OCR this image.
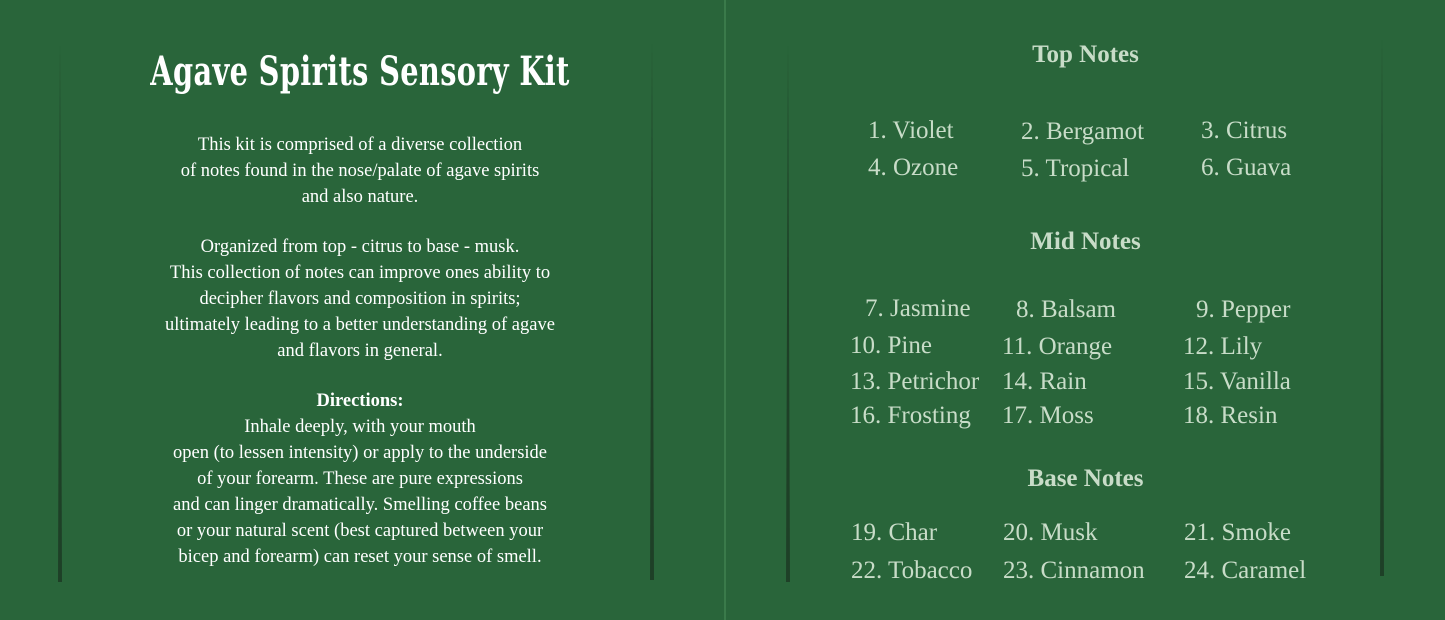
Agave Spirits Sensory Kit
This kit is comprised of a diverse collection
of notes found in the nose/palate of agave spirits
and also nature.
Organized from top - citrus to base - musk.
This collection of notes can improve ones ability to
decipher flavors and composition in spirits;
ultimately leading to a better understanding of agave
and flavors in general.
Directions:
Inhale deeply, with your mouth
open (to lessen intensity) or apply to the underside
of your forearm. These are pure expressions
and can linger dramatically. Smelling coffee beans
or your natural scent (best captured between your
bicep and forearm) can reset your sense of smell.
Top Notes
1. Violet	2. Bergamot 3. Citrus
4. Ozone	5. Tropical	6. Guava
Mid Notes
7. Jasmine 8. Balsam	9. Pepper
10. Pine	11. Orange	12. Lily
13. Petrichor 14. Rain	15. Vanilla
16. Frosting 17. Moss	18. Resin
Base Notes
19. Char	20. Musk	21. Smoke
22. Tobacco 23. Cinnamon 24. Caramel
